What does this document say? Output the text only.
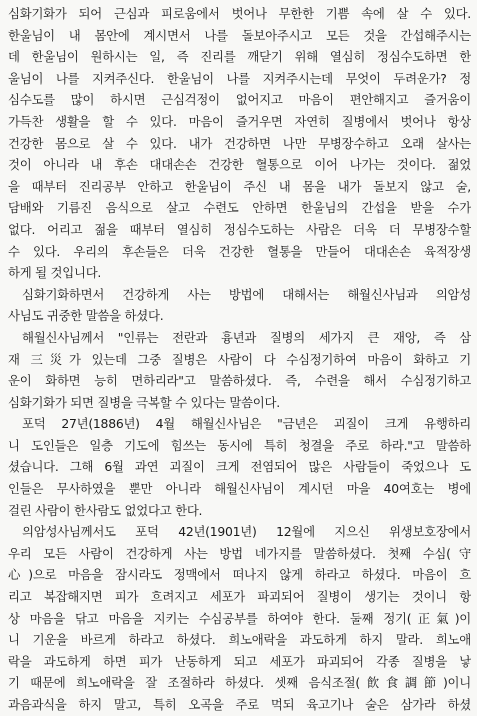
심화기화가 되어 근심과 피로움에서 벗어나 무한한 기쁨 속에 살 수 있다.
한울님이 내 몸안에 계시면서 나를 돌보아주시고 모든 것을 간섭해주시는
데 한울님이 원하시는 일, 즉 진리를 깨닫기 위해 열심히 정심수도하면 한
울님이 나를 지켜주신다. 한울님이 나를 지켜주시는데 무엇이 두려운가? 정
심수도를 많이 하시면 근심걱정이 없어지고 마음이 편안해지고 즐거움이
가득찬 생활을 할 수 있다. 마음이 즐거우면 자연히 질병에서 벗어나 항상
건강한 몸으로 살 수 있다. 내가 건강하면 나만 무병장수하고 오래 살사는
것이 아니라 내 후손 대대손손 건강한 혈통으로 이어 나가는 것이다. 젊었
을 때부터 진리공부 안하고 한울님이 주신 내 몸을 내가 돌보지 않고 술,
담배와 기름진 음식으로 살고 수련도 안하면 한울님의 간섭을 받을 수가
없다. 어리고 젊을 때부터 열심히 정심수도하는 사람은 더욱 더 무병장수할
수 있다. 우리의 후손들은 더욱 건강한 혈통을 만들어 대대손손 육적장생
하게 될 것입니다.
심화기화하면서 건강하게 사는 방법에 대해서는 해월신사님과 의암성
사님도 귀중한 말씀을 하셨다.
해월신사님께서 "인류는 전란과 흉년과 질병의 세가지 큰 재앙, 즉 삼
재 三災가 있는데 그중 질병은 사람이 다 수심정기하여 마음이 화하고 기
운이 화하면 능히 면하리라"고 말씀하셨다. 즉, 수련을 해서 수심정기하고
심화기화가 되면 질병을 극복할 수 있다는 말씀이다.
포덕 27년(1886년) 4월 해월신사님은 "금년은 괴질이 크게 유행하리
니 도인들은 일층 기도에 힘쓰는 동시에 특히 청결을 주로 하라."고 말씀하
셨습니다. 그해 6월 과연 괴질이 크게 전염되어 많은 사람들이 죽었으나 도
인들은 무사하였을 뿐만 아니라 해월신사님이 계시던 마을 40여호는 병에
걸린 사람이 한사람도 없었다고 한다.
의암성사님께서도 포덕 42년(1901년) 12월에 지으신 위생보호장에서
우리 모든 사람이 건강하게 사는 방법 네가지를 말씀하셨다. 첫째 수심(守
心)으로 마음을 잠시라도 정맥에서 떠나지 않게 하라고 하셨다. 마음이 흐
리고 복잡해지면 피가 흐려지고 세포가 파괴되어 질병이 생기는 것이니 항
상 마음을 닦고 마음을 지키는 수심공부를 하여야 한다. 둘째 정기(正氣)이
니 기운을 바르게 하라고 하셨다. 희노애락을 과도하게 하지 말라. 희노애
락을 과도하게 하면 피가 난동하게 되고 세포가 파괴되어 각종 질병을 낳
기 때문에 희노애락을 잘 조절하라 하셨다. 셋째 음식조절(飮食調節)이니
과음과식을 하지 말고, 특히 오곡을 주로 먹되 육고기나 술은 삼가라 하셨
